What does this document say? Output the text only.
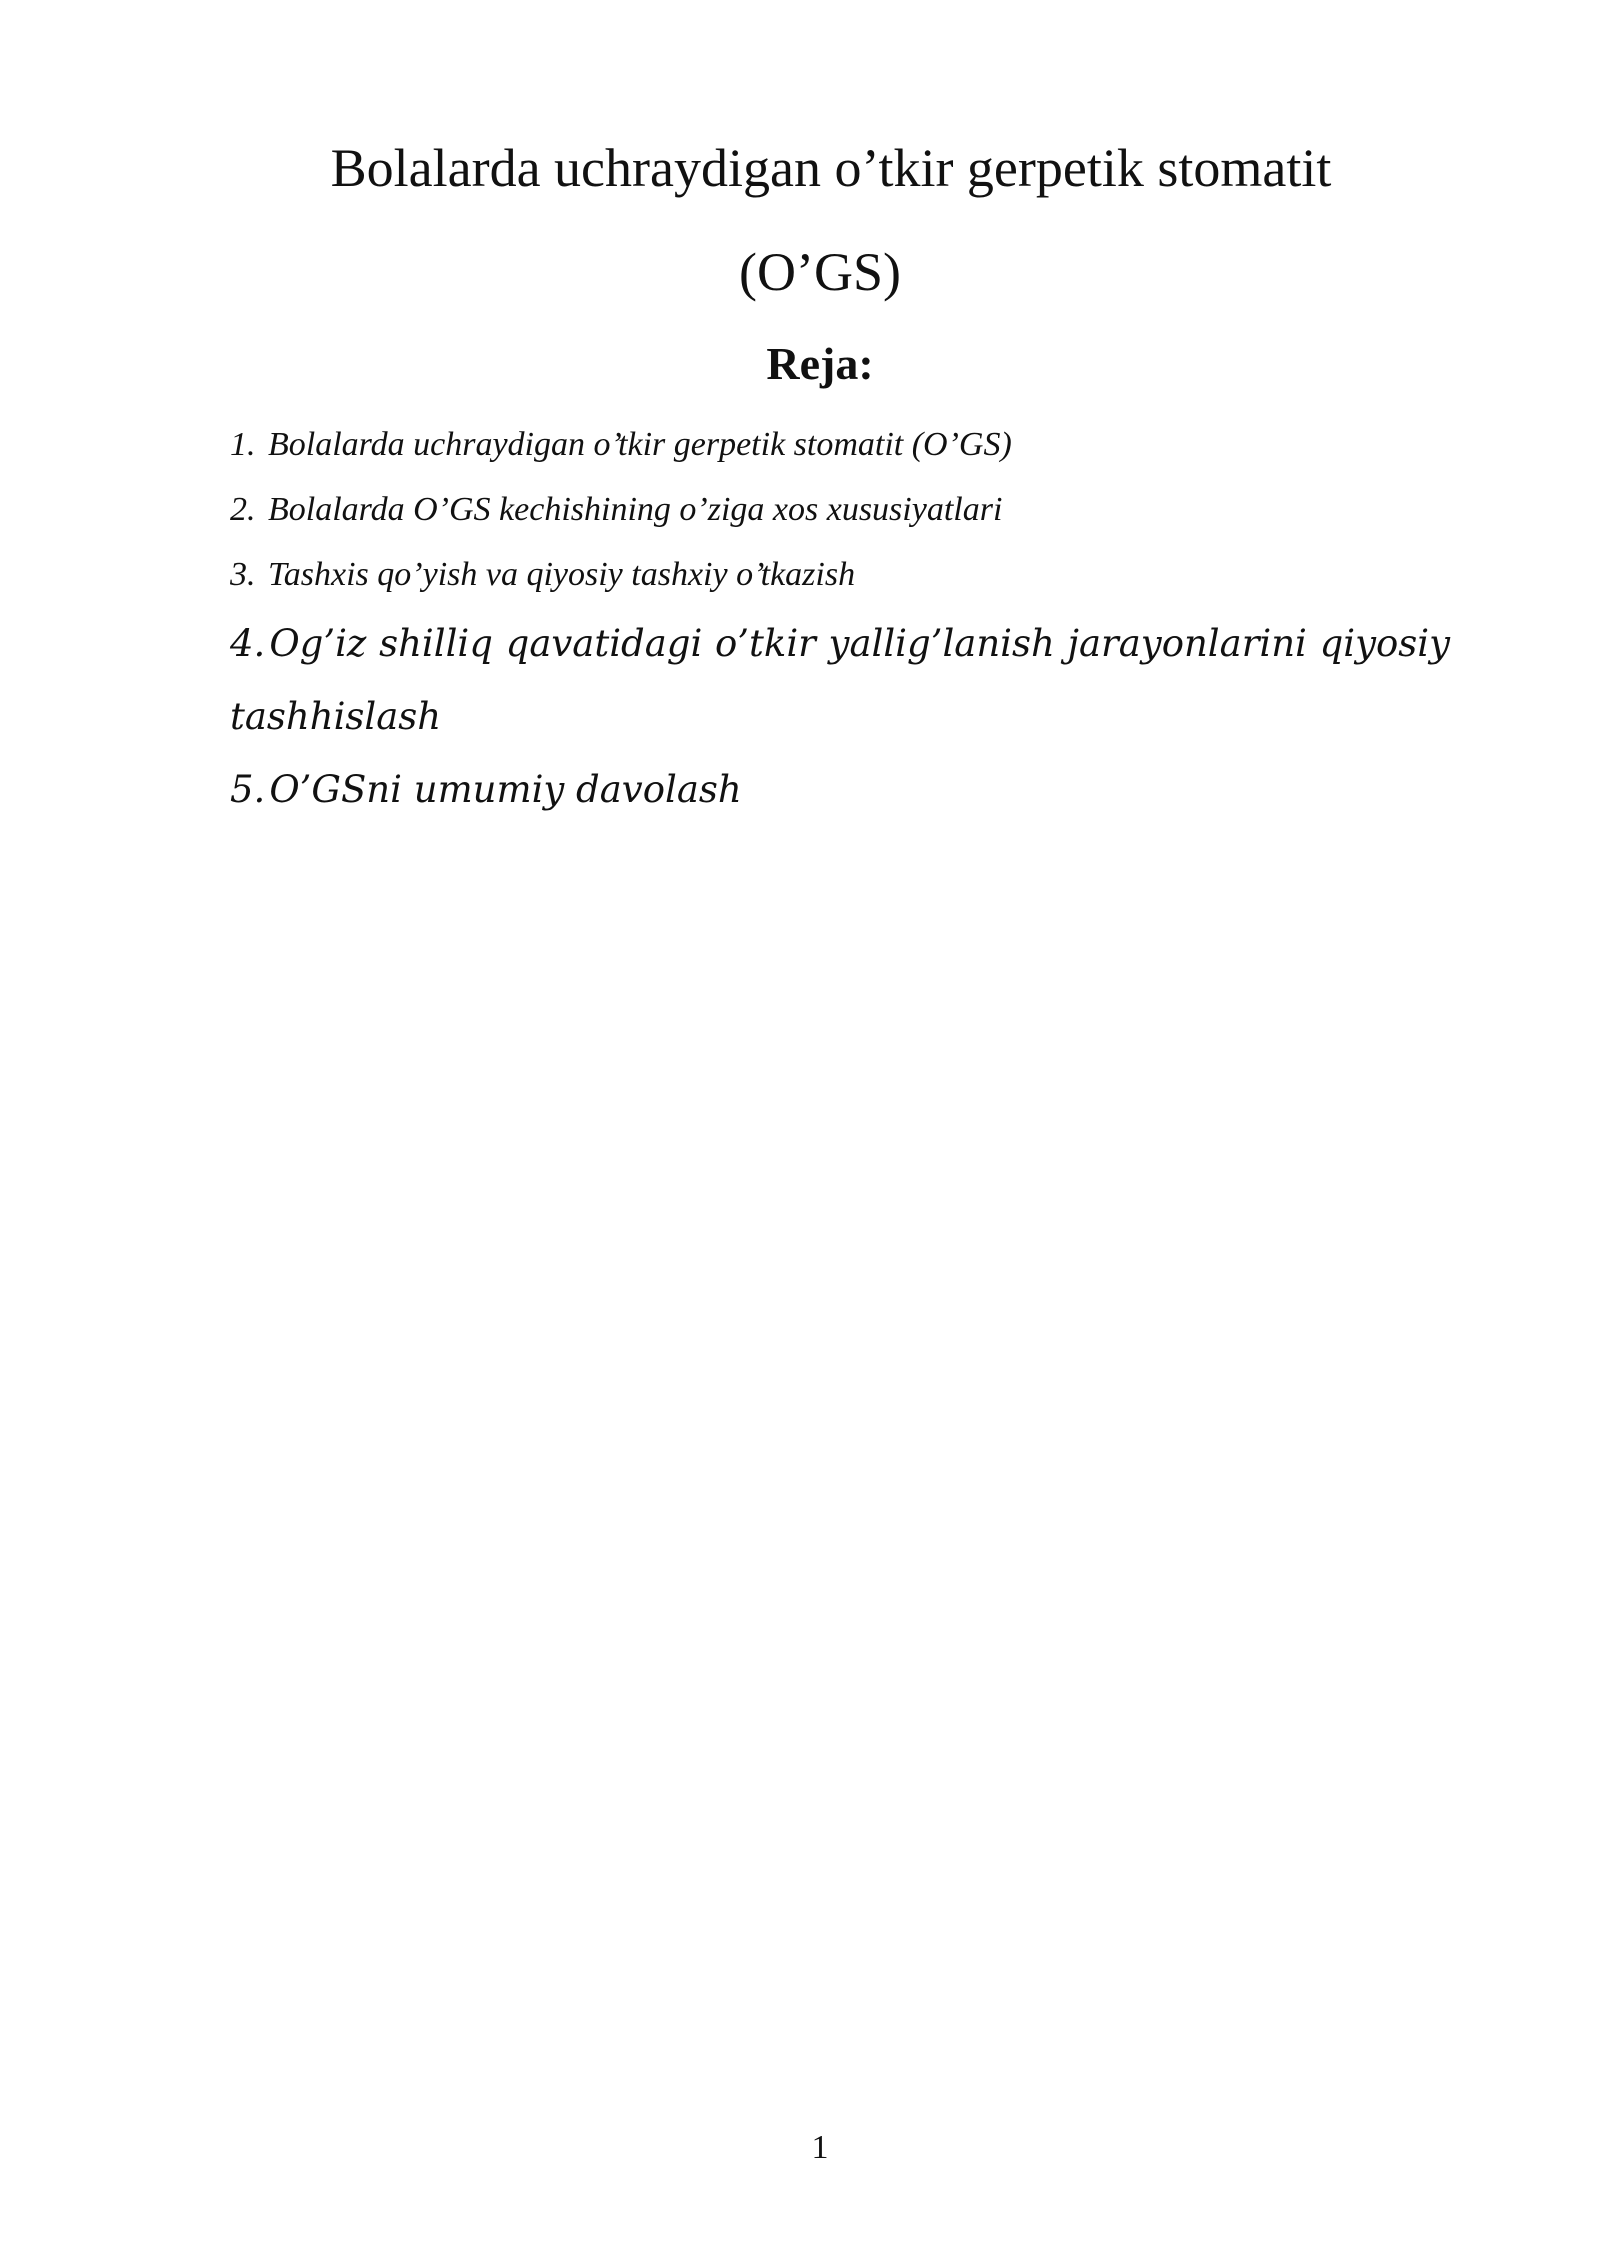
Bolalarda uchraydigan o’tkir gerpetik stomatit
(O’GS)
Reja:
1. Bolalarda uchraydigan o’tkir gerpetik stomatit (O’GS)
2. Bolalarda O’GS kechishining o’ziga xos xususiyatlari
3. Tashxis qo’yish va qiyosiy tashxiy o’tkazish
4. Og’iz shilliq qavatidagi o’tkir yallig’lanish jarayonlarini qiyosiy tashhislash
5. O’GSni umumiy davolash
1
